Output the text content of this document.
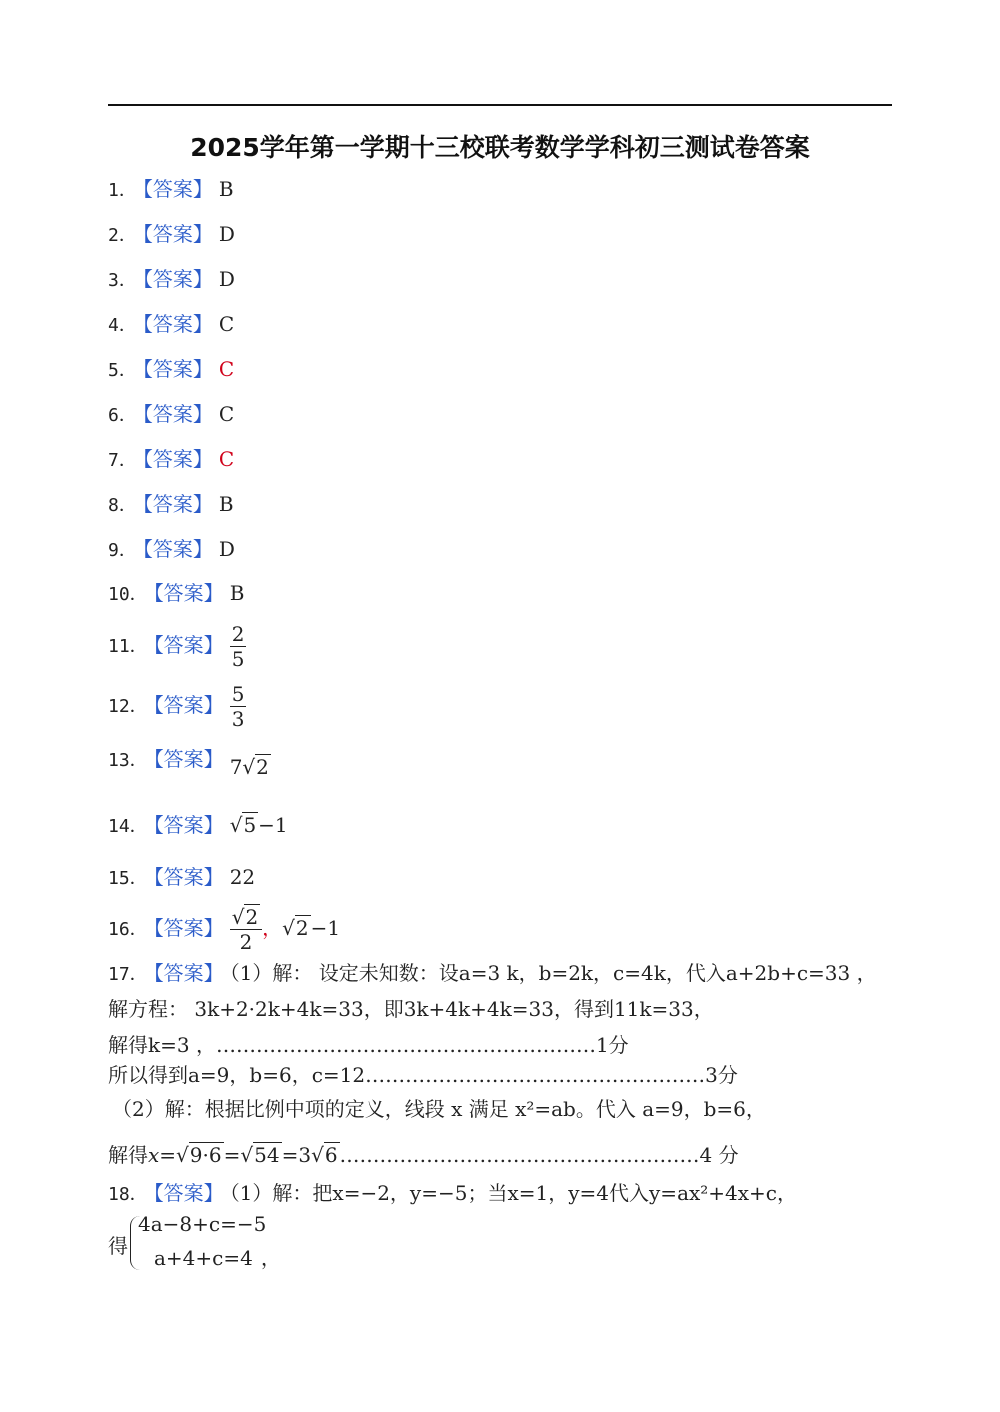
2025学年第一学期十三校联考数学学科初三测试卷答案
1． 【答案】 B
2． 【答案】 D
3． 【答案】 D
4． 【答案】 C
5． 【答案】 C
6． 【答案】 C
7． 【答案】 C
8． 【答案】 B
9． 【答案】 D
10． 【答案】 B
11． 【答案】 $\frac{2}{5}$
12． 【答案】 $\frac{5}{3}$
13． 【答案】 7√2
14． 【答案】 √5 −1
15． 【答案】 22
16． 【答案】 $\frac{√2}{2}$ ，√2 −1
17． 【答案】 （1）解： 设定未知数：设a=3 k，b=2k，c=4k，代入a+2b+c=33 ，
解方程： 3k+2·2k+4k=33，即3k+4k+4k=33，得到11k=33，
解得k=3 ，…………………………………………………1分
所以得到a=9，b=6，c=12……………………………………………3分
（2）解：根据比例中项的定义，线段 x 满足 x²=ab。代入 a=9，b=6，
解得x=√9·6 =√54 =3√6 ………………………………………………4 分
18． 【答案】 （1）解：把x=−2，y=−5；当x=1，y=4代入y=ax²+4x+c，
得
4a−8+c=−5
a+4+c=4 ，
